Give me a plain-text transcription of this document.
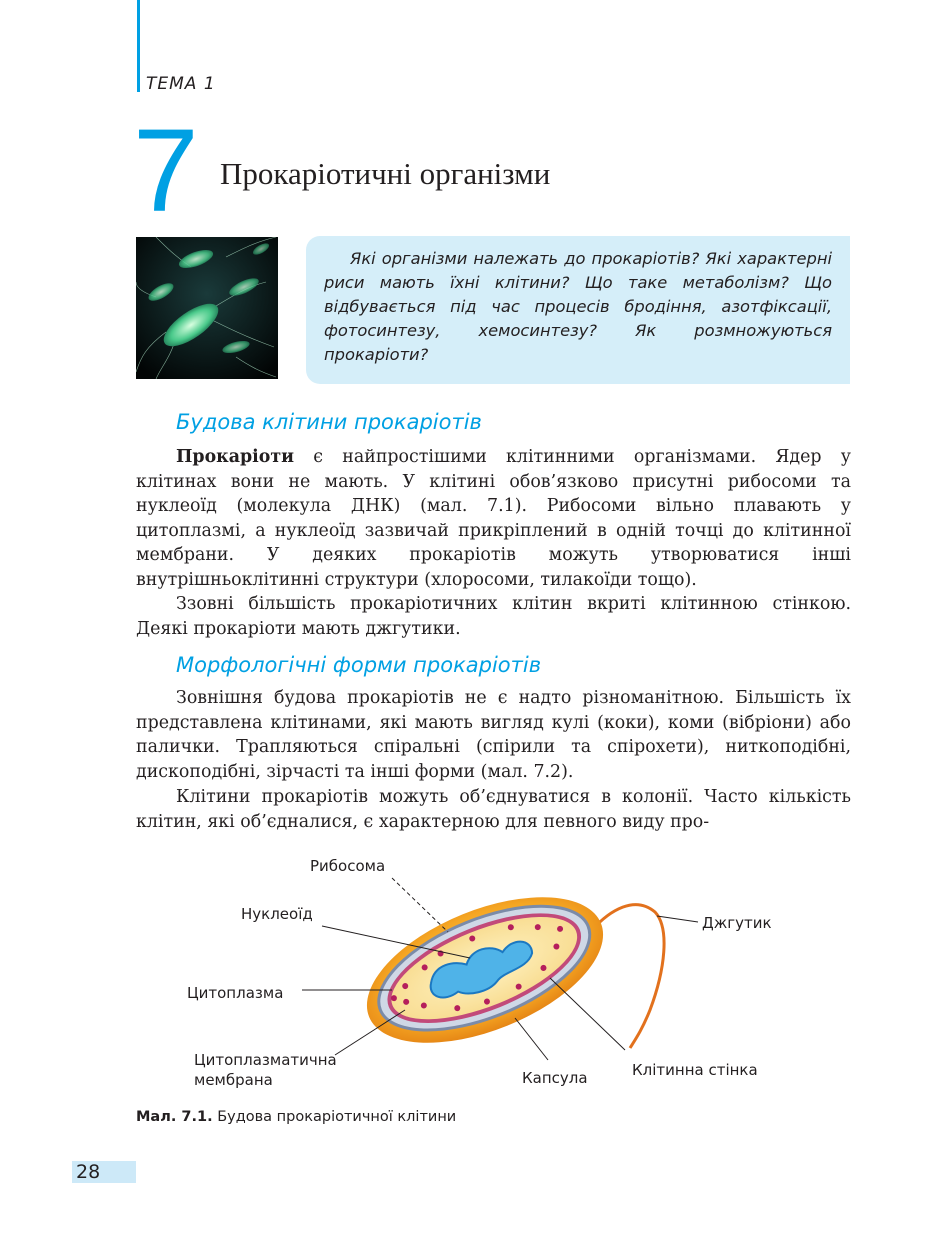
ТЕМА 1
7 Прокаріотичні організми

Які організми належать до прокаріотів? Які характерні риси мають їхні клітини? Що таке метаболізм? Що відбувається під час процесів бродіння, азотфіксації, фотосинтезу, хемосинтезу? Як розмножуються прокаріоти?

Будова клітини прокаріотів

Прокаріоти є найпростішими клітинними організмами. Ядер у клітинах вони не мають. У клітині обов’язково присутні рибосоми та нуклеоїд (молекула ДНК) (мал. 7.1). Рибосоми вільно плавають у цитоплазмі, а нуклеоїд зазвичай прикріплений в одній точці до клітинної мембрани. У деяких прокаріотів можуть утворюватися інші внутрішньоклітинні структури (хлоросоми, тилакоїди тощо).

Ззовні більшість прокаріотичних клітин вкриті клітинною стінкою. Деякі прокаріоти мають джгутики.

Морфологічні форми прокаріотів

Зовнішня будова прокаріотів не є надто різноманітною. Більшість їх представлена клітинами, які мають вигляд кулі (коки), коми (вібріони) або палички. Трапляються спіральні (спірили та спірохети), ниткоподібні, дископодібні, зірчасті та інші форми (мал. 7.2).

Клітини прокаріотів можуть об’єднуватися в колонії. Часто кількість клітин, які об’єдналися, є характерною для певного виду про-

Рибосома
Нуклеоїд
Цитоплазма
Цитоплазматична
мембрана	Капсула	Клітинна стінка
Джгутик
Мал. 7.1. Будова прокаріотичної клітини
28
